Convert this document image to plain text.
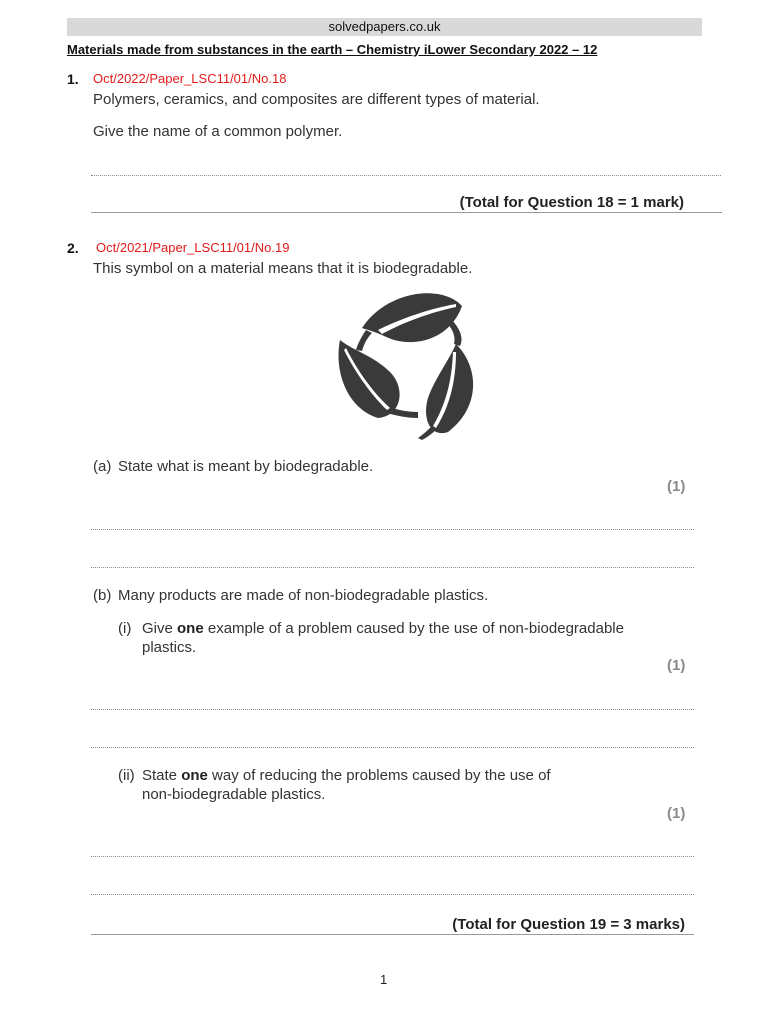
solvedpapers.co.uk
Materials made from substances in the earth – Chemistry iLower Secondary 2022 – 12
1. Oct/2022/Paper_LSC11/01/No.18
Polymers, ceramics, and composites are different types of material.
Give the name of a common polymer.
(Total for Question 18 = 1 mark)
2. Oct/2021/Paper_LSC11/01/No.19
This symbol on a material means that it is biodegradable.
(a) State what is meant by biodegradable.
(1)
(b) Many products are made of non-biodegradable plastics.
(i) Give one example of a problem caused by the use of non-biodegradable
plastics.
(1)
(ii) State one way of reducing the problems caused by the use of
non-biodegradable plastics.
(1)
(Total for Question 19 = 3 marks)
1
